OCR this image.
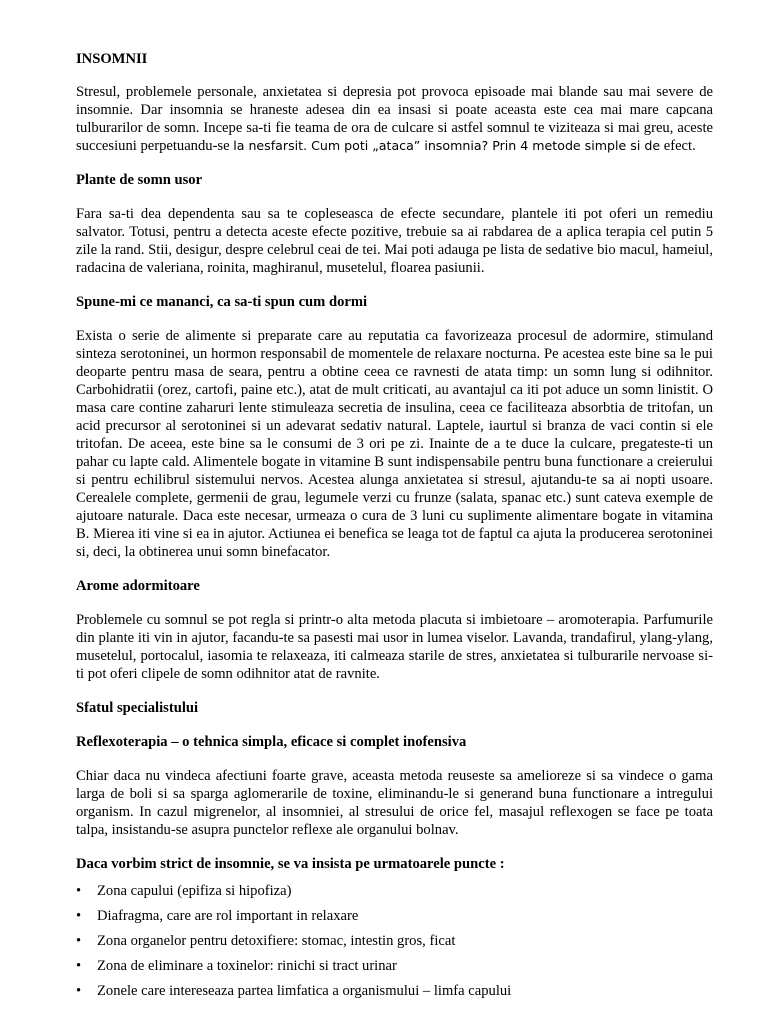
INSOMNII

Stresul, problemele personale, anxietatea si depresia pot provoca episoade mai blande sau mai severe de insomnie. Dar insomnia se hraneste adesea din ea insasi si poate aceasta este cea mai mare capcana tulburarilor de somn. Incepe sa-ti fie teama de ora de culcare si astfel somnul te viziteaza si mai greu, aceste succesiuni perpetuandu-se la nesfarsit. Cum poti „ataca” insomnia? Prin 4 metode simple si de efect.

Plante de somn usor

Fara sa-ti dea dependenta sau sa te copleseasca de efecte secundare, plantele iti pot oferi un remediu salvator. Totusi, pentru a detecta aceste efecte pozitive, trebuie sa ai rabdarea de a aplica terapia cel putin 5 zile la rand. Stii, desigur, despre celebrul ceai de tei. Mai poti adauga pe lista de sedative bio macul, hameiul, radacina de valeriana, roinita, maghiranul, musetelul, floarea pasiunii.

Spune-mi ce mananci, ca sa-ti spun cum dormi

Exista o serie de alimente si preparate care au reputatia ca favorizeaza procesul de adormire, stimuland sinteza serotoninei, un hormon responsabil de momentele de relaxare nocturna. Pe acestea este bine sa le pui deoparte pentru masa de seara, pentru a obtine ceea ce ravnesti de atata timp: un somn lung si odihnitor. Carbohidratii (orez, cartofi, paine etc.), atat de mult criticati, au avantajul ca iti pot aduce un somn linistit. O masa care contine zaharuri lente stimuleaza secretia de insulina, ceea ce faciliteaza absorbtia de tritofan, un acid precursor al serotoninei si un adevarat sedativ natural. Laptele, iaurtul si branza de vaci contin si ele tritofan. De aceea, este bine sa le consumi de 3 ori pe zi. Inainte de a te duce la culcare, pregateste-ti un pahar cu lapte cald. Alimentele bogate in vitamine B sunt indispensabile pentru buna functionare a creierului si pentru echilibrul sistemului nervos. Acestea alunga anxietatea si stresul, ajutandu-te sa ai nopti usoare. Cerealele complete, germenii de grau, legumele verzi cu frunze (salata, spanac etc.) sunt cateva exemple de ajutoare naturale. Daca este necesar, urmeaza o cura de 3 luni cu suplimente alimentare bogate in vitamina B. Mierea iti vine si ea in ajutor. Actiunea ei benefica se leaga tot de faptul ca ajuta la producerea serotoninei si, deci, la obtinerea unui somn binefacator.

Arome adormitoare

Problemele cu somnul se pot regla si printr-o alta metoda placuta si imbietoare – aromoterapia. Parfumurile din plante iti vin in ajutor, facandu-te sa pasesti mai usor in lumea viselor. Lavanda, trandafirul, ylang-ylang, musetelul, portocalul, iasomia te relaxeaza, iti calmeaza starile de stres, anxietatea si tulburarile nervoase si-ti pot oferi clipele de somn odihnitor atat de ravnite.

Sfatul specialistului
Reflexoterapia – o tehnica simpla, eficace si complet inofensiva

Chiar daca nu vindeca afectiuni foarte grave, aceasta metoda reuseste sa amelioreze si sa vindece o gama larga de boli si sa sparga aglomerarile de toxine, eliminandu-le si generand buna functionare a intregului organism. In cazul migrenelor, al insomniei, al stresului de orice fel, masajul reflexogen se face pe toata talpa, insistandu-se asupra punctelor reflexe ale organului bolnav.

Daca vorbim strict de insomnie, se va insista pe urmatoarele puncte :
• Zona capului (epifiza si hipofiza)
• Diafragma, care are rol important in relaxare
• Zona organelor pentru detoxifiere: stomac, intestin gros, ficat
• Zona de eliminare a toxinelor: rinichi si tract urinar
• Zonele care intereseaza partea limfatica a organismului – limfa capului
